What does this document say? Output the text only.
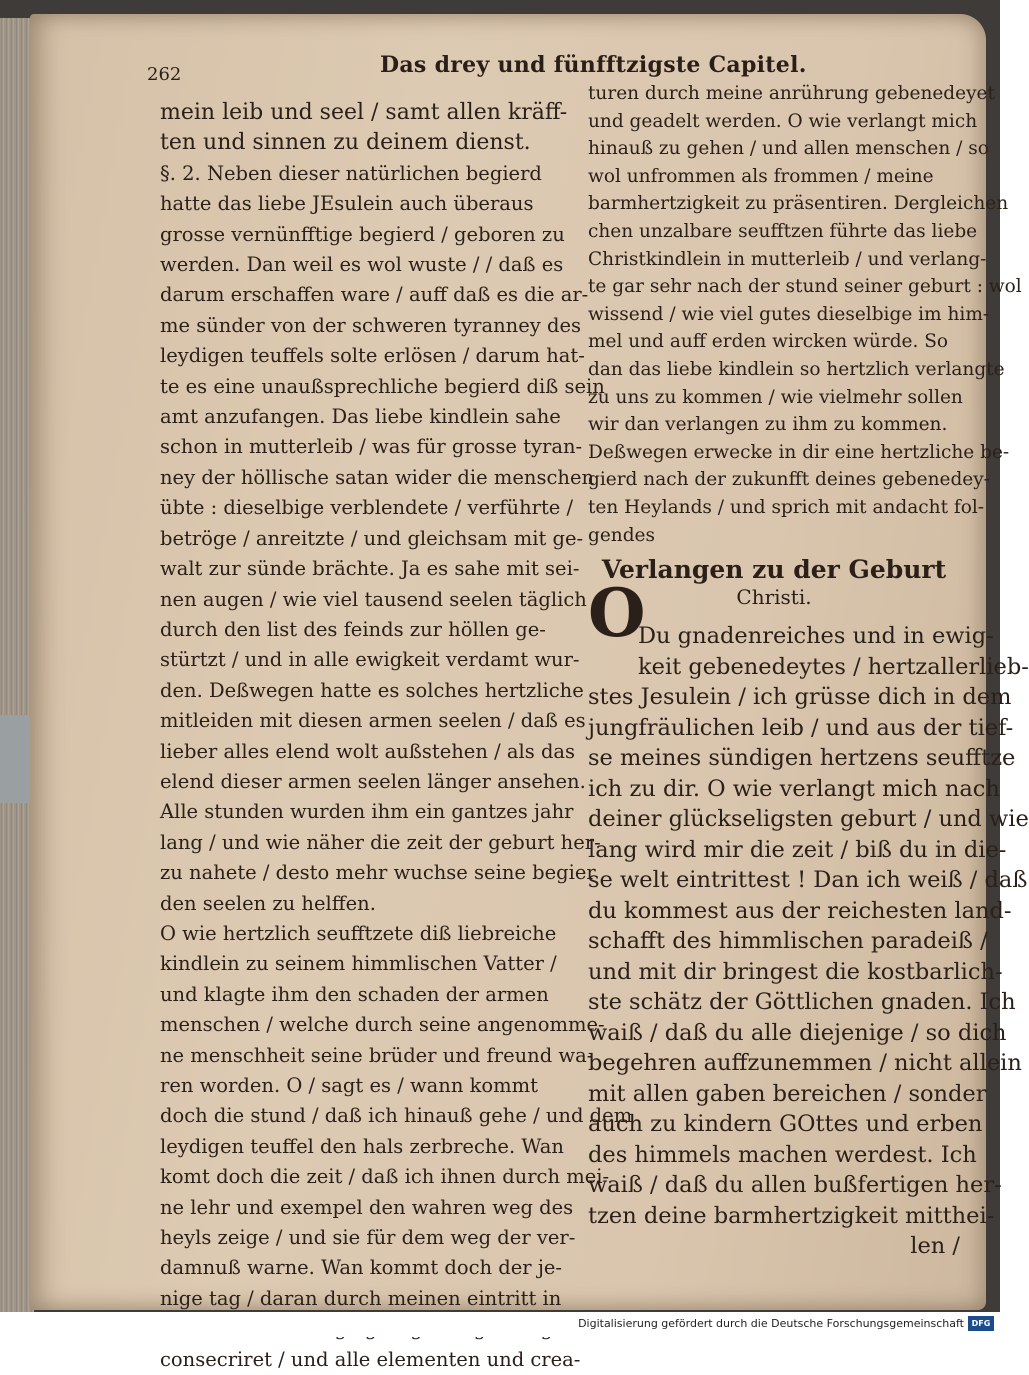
262	Das drey und fünfftzigste Capitel.
mein leib und seel / samt allen kräff-
ten und sinnen zu deinem dienst.
§. 2. Neben dieser natürlichen begierd
hatte das liebe JEsulein auch überaus
grosse vernünfftige begierd / geboren zu
werden. Dan weil es wol wuste / / daß es
darum erschaffen ware / auff daß es die ar-
me sünder von der schweren tyranney des
leydigen teuffels solte erlösen / darum hat-
te es eine unaußsprechliche begierd diß sein
amt anzufangen. Das liebe kindlein sahe
schon in mutterleib / was für grosse tyran-
ney der höllische satan wider die menschen
übte : dieselbige verblendete / verführte /
betröge / anreitzte / und gleichsam mit ge-
walt zur sünde brächte. Ja es sahe mit sei-
nen augen / wie viel tausend seelen täglich
durch den list des feinds zur höllen ge-
stürtzt / und in alle ewigkeit verdamt wur-
den. Deßwegen hatte es solches hertzliche
mitleiden mit diesen armen seelen / daß es
lieber alles elend wolt außstehen / als das
elend dieser armen seelen länger ansehen.
Alle stunden wurden ihm ein gantzes jahr
lang / und wie näher die zeit der geburt her-
zu nahete / desto mehr wuchse seine begier
den seelen zu helffen.
O wie hertzlich seufftzete diß liebreiche
kindlein zu seinem himmlischen Vatter /
und klagte ihm den schaden der armen
menschen / welche durch seine angenomme-
ne menschheit seine brüder und freund wa-
ren worden. O / sagt es / wann kommt
doch die stund / daß ich hinauß gehe / und dem
leydigen teuffel den hals zerbreche. Wan
komt doch die zeit / daß ich ihnen durch mei-
ne lehr und exempel den wahren weg des
heyls zeige / und sie für dem weg der ver-
damnuß warne. Wan kommt doch der je-
nige tag / daran durch meinen eintritt in
consecriret / und alle elementen und crea-
turen durch meine anrührung gebenedeyet
und geadelt werden. O wie verlangt mich
hinauß zu gehen / und allen menschen / so
wol unfrommen als frommen / meine
barmhertzigkeit zu präsentiren. Dergleichen
chen unzalbare seufftzen führte das liebe
Christkindlein in mutterleib / und verlang-
te gar sehr nach der stund seiner geburt : wol
wissend / wie viel gutes dieselbige im him-
mel und auff erden wircken würde. So
dan das liebe kindlein so hertzlich verlangte
zu uns zu kommen / wie vielmehr sollen
wir dan verlangen zu ihm zu kommen.
Deßwegen erwecke in dir eine hertzliche be-
gierd nach der zukunfft deines gebenedey-
ten Heylands / und sprich mit andacht fol-
gendes
Verlangen zu der Geburt
Christi.
Du gnadenreiches und in ewig-
keit gebenedeytes / hertzallerlieb-
stes Jesulein / ich grüsse dich in dem
jungfräulichen leib / und aus der tief-
se meines sündigen hertzens seufftze
ich zu dir. O wie verlangt mich nach
deiner glückseligsten geburt / und wie
lang wird mir die zeit / biß du in die-
se welt eintrittest ! Dan ich weiß / daß
du kommest aus der reichesten land-
schafft des himmlischen paradeiß /
und mit dir bringest die kostbarlich-
ste schätz der Göttlichen gnaden. Ich
waiß / daß du alle diejenige / so dich
begehren auffzunemmen / nicht allein
mit allen gaben bereichen / sonder
auch zu kindern GOttes und erben
des himmels machen werdest. Ich
waiß / daß du allen bußfertigen her-
tzen deine barmhertzigkeit mitthei-
len /
O
Digitalisierung gefördert durch die Deutsche Forschungsgemeinschaft DFG
